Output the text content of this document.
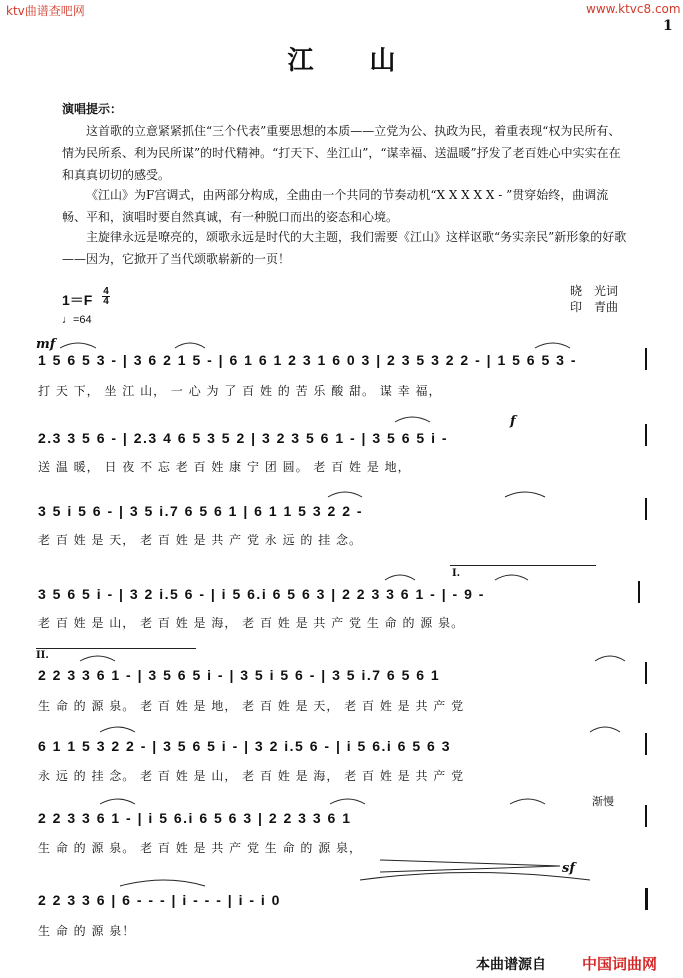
ktv曲谱查吧网	www.ktvc8.com
1
江山
演唱提示：
这首歌的立意紧紧抓住“三个代表”重要思想的本质——立党为公、执政为民，着重表现“权为民所有、情为民所系、利为民所谋”的时代精神。“打天下、坐江山”，“谋幸福、送温暖”抒发了老百姓心中实实在在和真真切切的感受。
《江山》为F宫调式，由两部分构成，全曲由一个共同的节奏动机“X X X X X - ”贯穿始终，曲调流畅、平和，演唱时要自然真诚，有一种脱口而出的姿态和心境。
主旋律永远是嘹亮的，颂歌永远是时代的大主题，我们需要《江山》这样讴歌“务实亲民”新形象的好歌——因为，它掀开了当代颂歌崭新的一页！
晓　光词
印　青曲
1＝F
4
4
♩=64
mf
1 5 6 5 3 - | 3 6 2 1 5 - | 6 1 6 1 2 3 1 6 0 3 | 2 3 5 3 2 2 - | 1 5 6 5 3 -
打 天 下， 坐 江 山， 一 心 为 了 百 姓 的 苦 乐 酸 甜。 谋 幸 福，
f
2.3 3 5 6 - | 2.3 4 6 5 3 5 2 | 3 2 3 5 6 1 - | 3 5 6 5 i -
送 温 暖， 日 夜 不 忘 老 百 姓 康 宁 团 圆。 老 百 姓 是 地，
3 5 i 5 6 - | 3 5 i.7 6 5 6 1 | 6 1 1 5 3 2 2 -
老 百 姓 是 天， 老 百 姓 是 共 产 党 永 远 的 挂 念。
I.
3 5 6 5 i - | 3 2 i.5 6 - | i 5 6.i 6 5 6 3 | 2 2 3 3 6 1 - | - 9 -
老 百 姓 是 山， 老 百 姓 是 海， 老 百 姓 是 共 产 党 生 命 的 源 泉。
II.
2 2 3 3 6 1 - | 3 5 6 5 i - | 3 5 i 5 6 - | 3 5 i.7 6 5 6 1
生 命 的 源 泉。 老 百 姓 是 地， 老 百 姓 是 天， 老 百 姓 是 共 产 党
6 1 1 5 3 2 2 - | 3 5 6 5 i - | 3 2 i.5 6 - | i 5 6.i 6 5 6 3
永 远 的 挂 念。 老 百 姓 是 山， 老 百 姓 是 海， 老 百 姓 是 共 产 党
渐慢
2 2 3 3 6 1 - | i 5 6.i 6 5 6 3 | 2 2 3 3 6 1
生 命 的 源 泉。 老 百 姓 是 共 产 党 生 命 的 源 泉，
sf
2 2 3 3 6 | 6 - - - | i - - - | i - i 0
生 命 的 源 泉！
本曲谱源自 中国词曲网
